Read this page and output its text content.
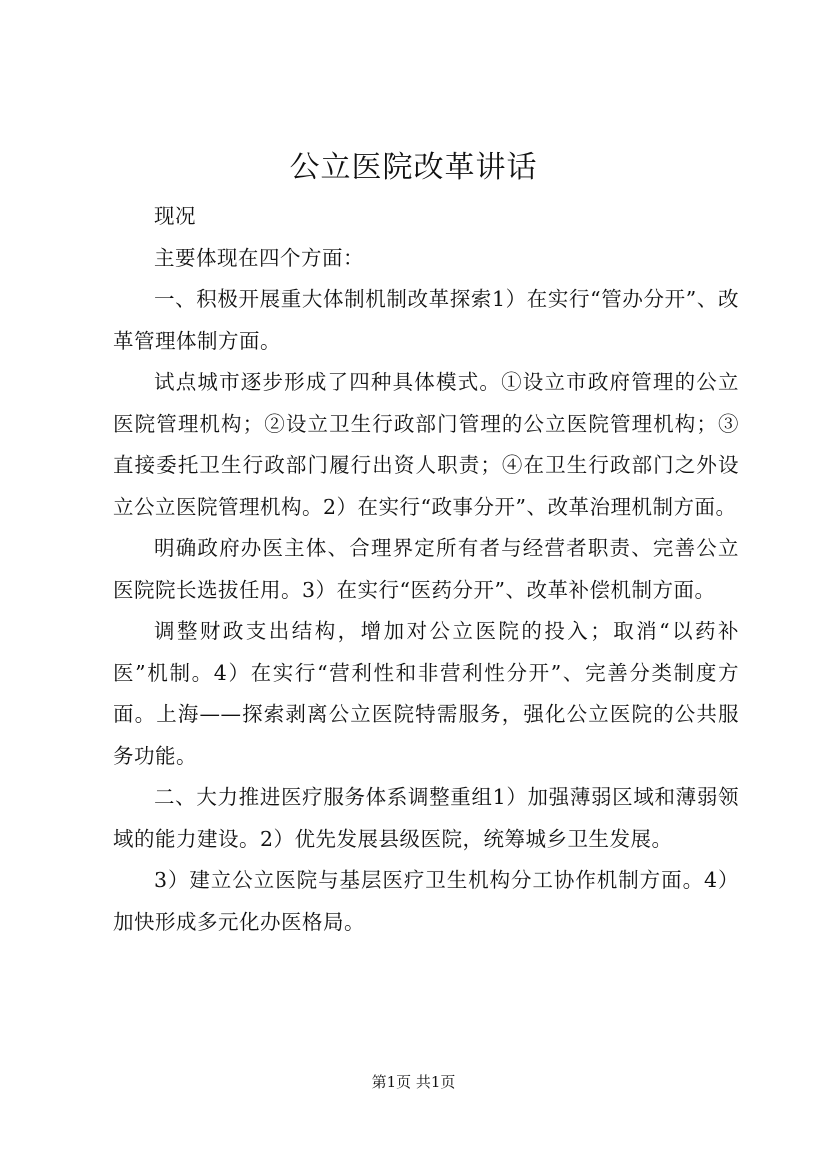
公立医院改革讲话

现况

主要体现在四个方面：

一、积极开展重大体制机制改革探索1）在实行“管办分开”、改革管理体制方面。

试点城市逐步形成了四种具体模式。①设立市政府管理的公立医院管理机构；②设立卫生行政部门管理的公立医院管理机构；③直接委托卫生行政部门履行出资人职责；④在卫生行政部门之外设立公立医院管理机构。2）在实行“政事分开”、改革治理机制方面。

明确政府办医主体、合理界定所有者与经营者职责、完善公立医院院长选拔任用。3）在实行“医药分开”、改革补偿机制方面。

调整财政支出结构，增加对公立医院的投入；取消“以药补医”机制。4）在实行“营利性和非营利性分开”、完善分类制度方面。上海——探索剥离公立医院特需服务，强化公立医院的公共服务功能。

二、大力推进医疗服务体系调整重组1）加强薄弱区域和薄弱领域的能力建设。2）优先发展县级医院，统筹城乡卫生发展。

3）建立公立医院与基层医疗卫生机构分工协作机制方面。4）加快形成多元化办医格局。

第1页 共1页
